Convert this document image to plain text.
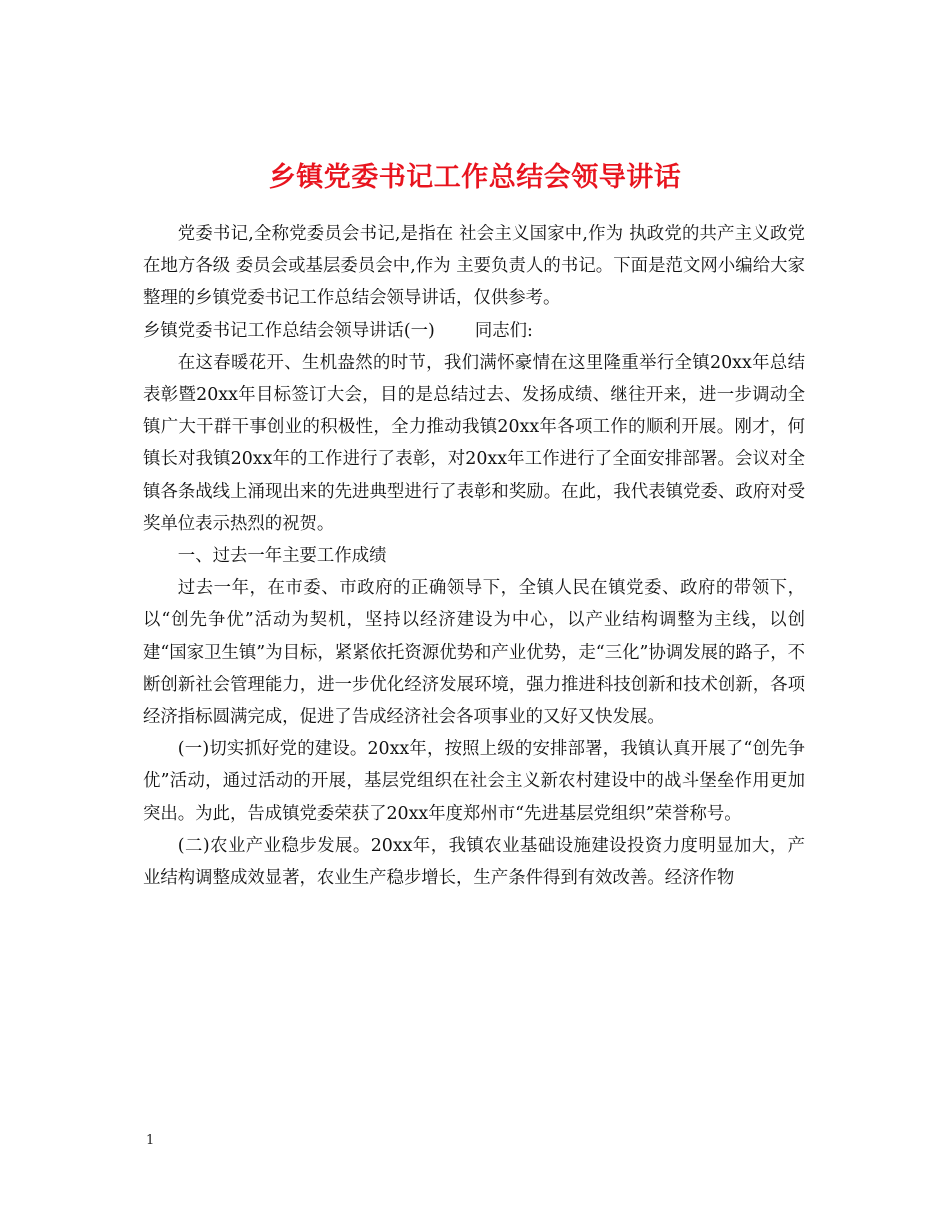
乡镇党委书记工作总结会领导讲话

党委书记,全称党委员会书记,是指在 社会主义国家中,作为 执政党的共产主义政党在地方各级 委员会或基层委员会中,作为 主要负责人的书记。下面是范文网小编给大家整理的乡镇党委书记工作总结会领导讲话，仅供参考。

乡镇党委书记工作总结会领导讲话(一) 同志们:

在这春暖花开、生机盎然的时节，我们满怀豪情在这里隆重举行全镇20xx年总结表彰暨20xx年目标签订大会，目的是总结过去、发扬成绩、继往开来，进一步调动全镇广大干群干事创业的积极性，全力推动我镇20xx年各项工作的顺利开展。刚才，何镇长对我镇20xx年的工作进行了表彰，对20xx年工作进行了全面安排部署。会议对全镇各条战线上涌现出来的先进典型进行了表彰和奖励。在此，我代表镇党委、政府对受奖单位表示热烈的祝贺。

一、过去一年主要工作成绩

过去一年，在市委、市政府的正确领导下，全镇人民在镇党委、政府的带领下，以“创先争优”活动为契机，坚持以经济建设为中心，以产业结构调整为主线，以创建“国家卫生镇”为目标，紧紧依托资源优势和产业优势，走“三化”协调发展的路子，不断创新社会管理能力，进一步优化经济发展环境，强力推进科技创新和技术创新，各项经济指标圆满完成，促进了告成经济社会各项事业的又好又快发展。

(一)切实抓好党的建设。20xx年，按照上级的安排部署，我镇认真开展了“创先争优”活动，通过活动的开展，基层党组织在社会主义新农村建设中的战斗堡垒作用更加突出。为此，告成镇党委荣获了20xx年度郑州市“先进基层党组织”荣誉称号。

(二)农业产业稳步发展。20xx年，我镇农业基础设施建设投资力度明显加大，产业结构调整成效显著，农业生产稳步增长，生产条件得到有效改善。经济作物

1
